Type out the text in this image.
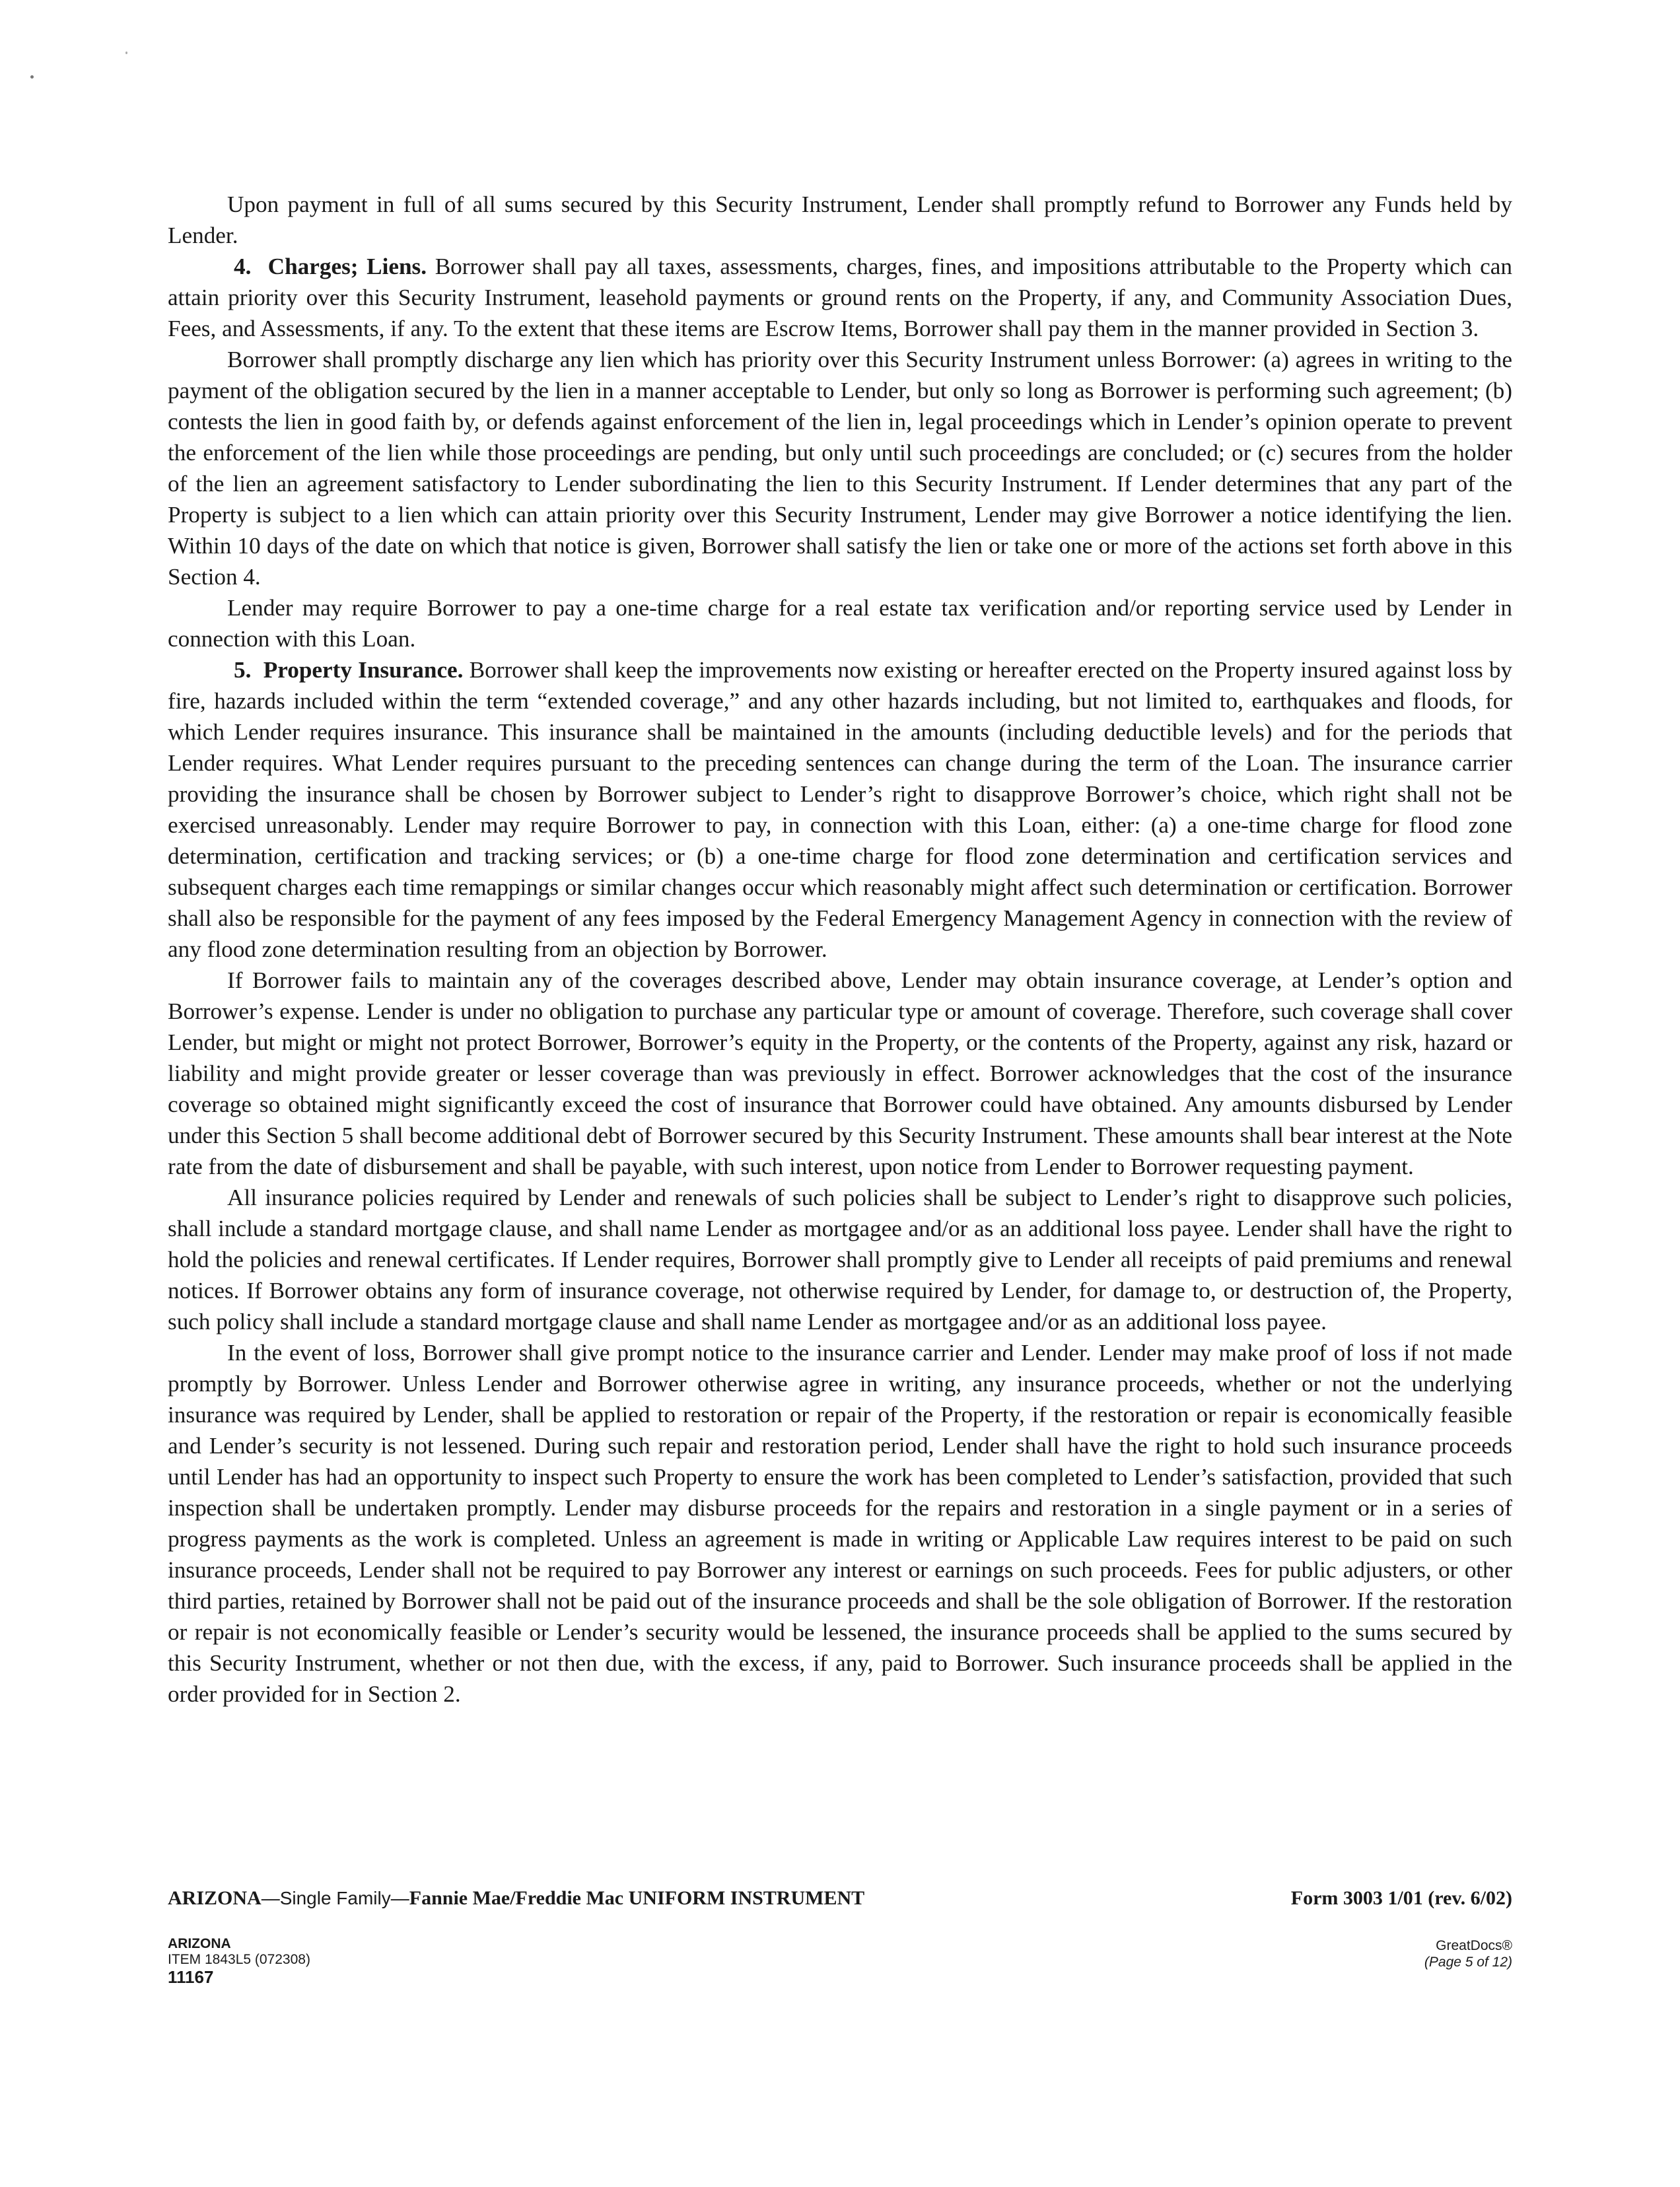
Upon payment in full of all sums secured by this Security Instrument, Lender shall promptly refund to Borrower any Funds held by Lender.

4. Charges; Liens. Borrower shall pay all taxes, assessments, charges, fines, and impositions attributable to the Property which can attain priority over this Security Instrument, leasehold payments or ground rents on the Property, if any, and Community Association Dues, Fees, and Assessments, if any. To the extent that these items are Escrow Items, Borrower shall pay them in the manner provided in Section 3.

Borrower shall promptly discharge any lien which has priority over this Security Instrument unless Borrower: (a) agrees in writing to the payment of the obligation secured by the lien in a manner acceptable to Lender, but only so long as Borrower is performing such agreement; (b) contests the lien in good faith by, or defends against enforcement of the lien in, legal proceedings which in Lender’s opinion operate to prevent the enforcement of the lien while those proceedings are pending, but only until such proceedings are concluded; or (c) secures from the holder of the lien an agreement satisfactory to Lender subordinating the lien to this Security Instrument. If Lender determines that any part of the Property is subject to a lien which can attain priority over this Security Instrument, Lender may give Borrower a notice identifying the lien. Within 10 days of the date on which that notice is given, Borrower shall satisfy the lien or take one or more of the actions set forth above in this Section 4.

Lender may require Borrower to pay a one-time charge for a real estate tax verification and/or reporting service used by Lender in connection with this Loan.

5. Property Insurance. Borrower shall keep the improvements now existing or hereafter erected on the Property insured against loss by fire, hazards included within the term “extended coverage,” and any other hazards including, but not limited to, earthquakes and floods, for which Lender requires insurance. This insurance shall be maintained in the amounts (including deductible levels) and for the periods that Lender requires. What Lender requires pursuant to the preceding sentences can change during the term of the Loan. The insurance carrier providing the insurance shall be chosen by Borrower subject to Lender’s right to disapprove Borrower’s choice, which right shall not be exercised unreasonably. Lender may require Borrower to pay, in connection with this Loan, either: (a) a one-time charge for flood zone determination, certification and tracking services; or (b) a one-time charge for flood zone determination and certification services and subsequent charges each time remappings or similar changes occur which reasonably might affect such determination or certification. Borrower shall also be responsible for the payment of any fees imposed by the Federal Emergency Management Agency in connection with the review of any flood zone determination resulting from an objection by Borrower.

If Borrower fails to maintain any of the coverages described above, Lender may obtain insurance coverage, at Lender’s option and Borrower’s expense. Lender is under no obligation to purchase any particular type or amount of coverage. Therefore, such coverage shall cover Lender, but might or might not protect Borrower, Borrower’s equity in the Property, or the contents of the Property, against any risk, hazard or liability and might provide greater or lesser coverage than was previously in effect. Borrower acknowledges that the cost of the insurance coverage so obtained might significantly exceed the cost of insurance that Borrower could have obtained. Any amounts disbursed by Lender under this Section 5 shall become additional debt of Borrower secured by this Security Instrument. These amounts shall bear interest at the Note rate from the date of disbursement and shall be payable, with such interest, upon notice from Lender to Borrower requesting payment.

All insurance policies required by Lender and renewals of such policies shall be subject to Lender’s right to disapprove such policies, shall include a standard mortgage clause, and shall name Lender as mortgagee and/or as an additional loss payee. Lender shall have the right to hold the policies and renewal certificates. If Lender requires, Borrower shall promptly give to Lender all receipts of paid premiums and renewal notices. If Borrower obtains any form of insurance coverage, not otherwise required by Lender, for damage to, or destruction of, the Property, such policy shall include a standard mortgage clause and shall name Lender as mortgagee and/or as an additional loss payee.

In the event of loss, Borrower shall give prompt notice to the insurance carrier and Lender. Lender may make proof of loss if not made promptly by Borrower. Unless Lender and Borrower otherwise agree in writing, any insurance proceeds, whether or not the underlying insurance was required by Lender, shall be applied to restoration or repair of the Property, if the restoration or repair is economically feasible and Lender’s security is not lessened. During such repair and restoration period, Lender shall have the right to hold such insurance proceeds until Lender has had an opportunity to inspect such Property to ensure the work has been completed to Lender’s satisfaction, provided that such inspection shall be undertaken promptly. Lender may disburse proceeds for the repairs and restoration in a single payment or in a series of progress payments as the work is completed. Unless an agreement is made in writing or Applicable Law requires interest to be paid on such insurance proceeds, Lender shall not be required to pay Borrower any interest or earnings on such proceeds. Fees for public adjusters, or other third parties, retained by Borrower shall not be paid out of the insurance proceeds and shall be the sole obligation of Borrower. If the restoration or repair is not economically feasible or Lender’s security would be lessened, the insurance proceeds shall be applied to the sums secured by this Security Instrument, whether or not then due, with the excess, if any, paid to Borrower. Such insurance proceeds shall be applied in the order provided for in Section 2.

ARIZONA—Single Family—Fannie Mae/Freddie Mac UNIFORM INSTRUMENT	Form 3003 1/01 (rev. 6/02)
ARIZONA
ITEM 1843L5 (072308)
11167
GreatDocs®
(Page 5 of 12)
